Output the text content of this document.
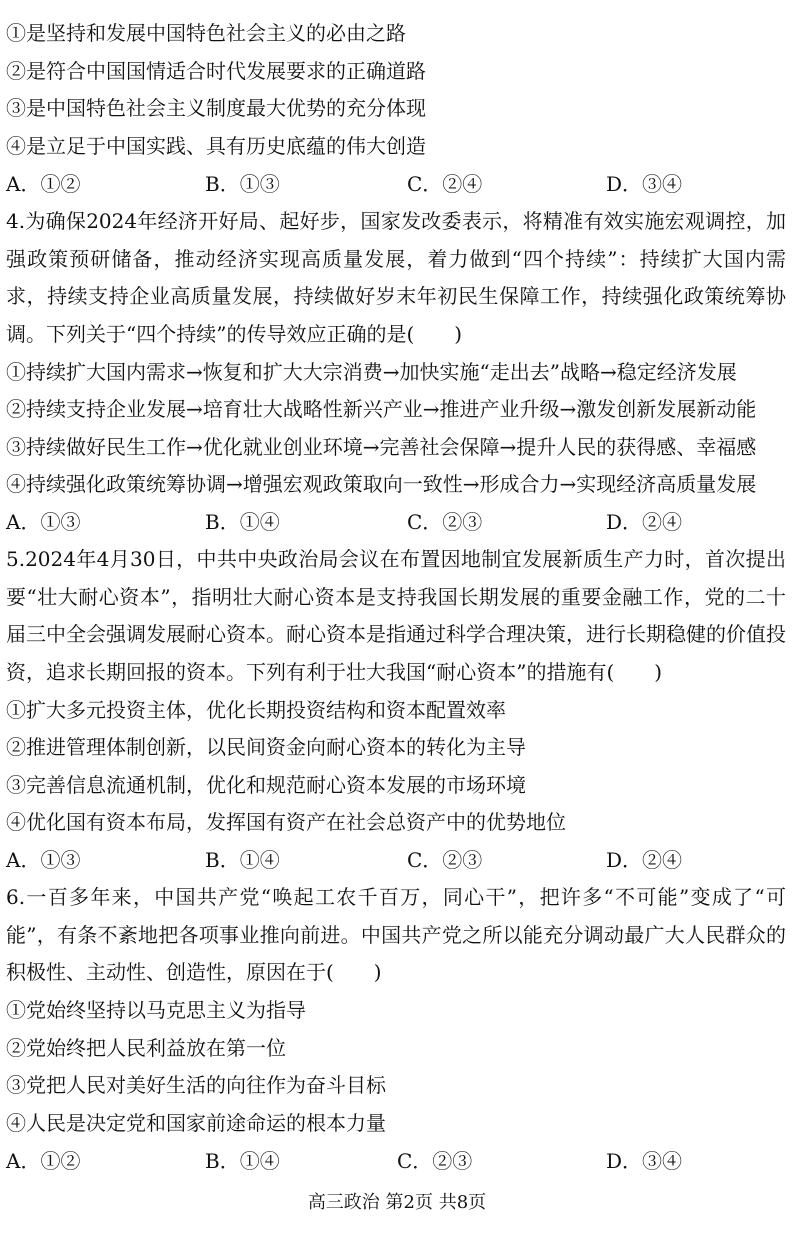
①是坚持和发展中国特色社会主义的必由之路
②是符合中国国情适合时代发展要求的正确道路
③是中国特色社会主义制度最大优势的充分体现
④是立足于中国实践、具有历史底蕴的伟大创造
A．①②	B．①③	C．②④	D．③④
4.为确保2024年经济开好局、起好步，国家发改委表示，将精准有效实施宏观调控，加强政策预研储备，推动经济实现高质量发展，着力做到“四个持续”：持续扩大国内需求，持续支持企业高质量发展，持续做好岁末年初民生保障工作，持续强化政策统筹协调。下列关于“四个持续”的传导效应正确的是(　　)
①持续扩大国内需求→恢复和扩大大宗消费→加快实施“走出去”战略→稳定经济发展
②持续支持企业发展→培育壮大战略性新兴产业→推进产业升级→激发创新发展新动能
③持续做好民生工作→优化就业创业环境→完善社会保障→提升人民的获得感、幸福感
④持续强化政策统筹协调→增强宏观政策取向一致性→形成合力→实现经济高质量发展
A．①③	B．①④	C．②③	D．②④
5.2024年4月30日，中共中央政治局会议在布置因地制宜发展新质生产力时，首次提出要“壮大耐心资本”，指明壮大耐心资本是支持我国长期发展的重要金融工作，党的二十届三中全会强调发展耐心资本。耐心资本是指通过科学合理决策，进行长期稳健的价值投资，追求长期回报的资本。下列有利于壮大我国“耐心资本”的措施有(　　)
①扩大多元投资主体，优化长期投资结构和资本配置效率
②推进管理体制创新，以民间资金向耐心资本的转化为主导
③完善信息流通机制，优化和规范耐心资本发展的市场环境
④优化国有资本布局，发挥国有资产在社会总资产中的优势地位
A．①③	B．①④	C．②③	D．②④
6.一百多年来，中国共产党“唤起工农千百万，同心干”，把许多“不可能”变成了“可能”，有条不紊地把各项事业推向前进。中国共产党之所以能充分调动最广大人民群众的积极性、主动性、创造性，原因在于(　　)
①党始终坚持以马克思主义为指导
②党始终把人民利益放在第一位
③党把人民对美好生活的向往作为奋斗目标
④人民是决定党和国家前途命运的根本力量
A．①②	B．①④	C．②③	D．③④
高三政治 第2页 共8页
